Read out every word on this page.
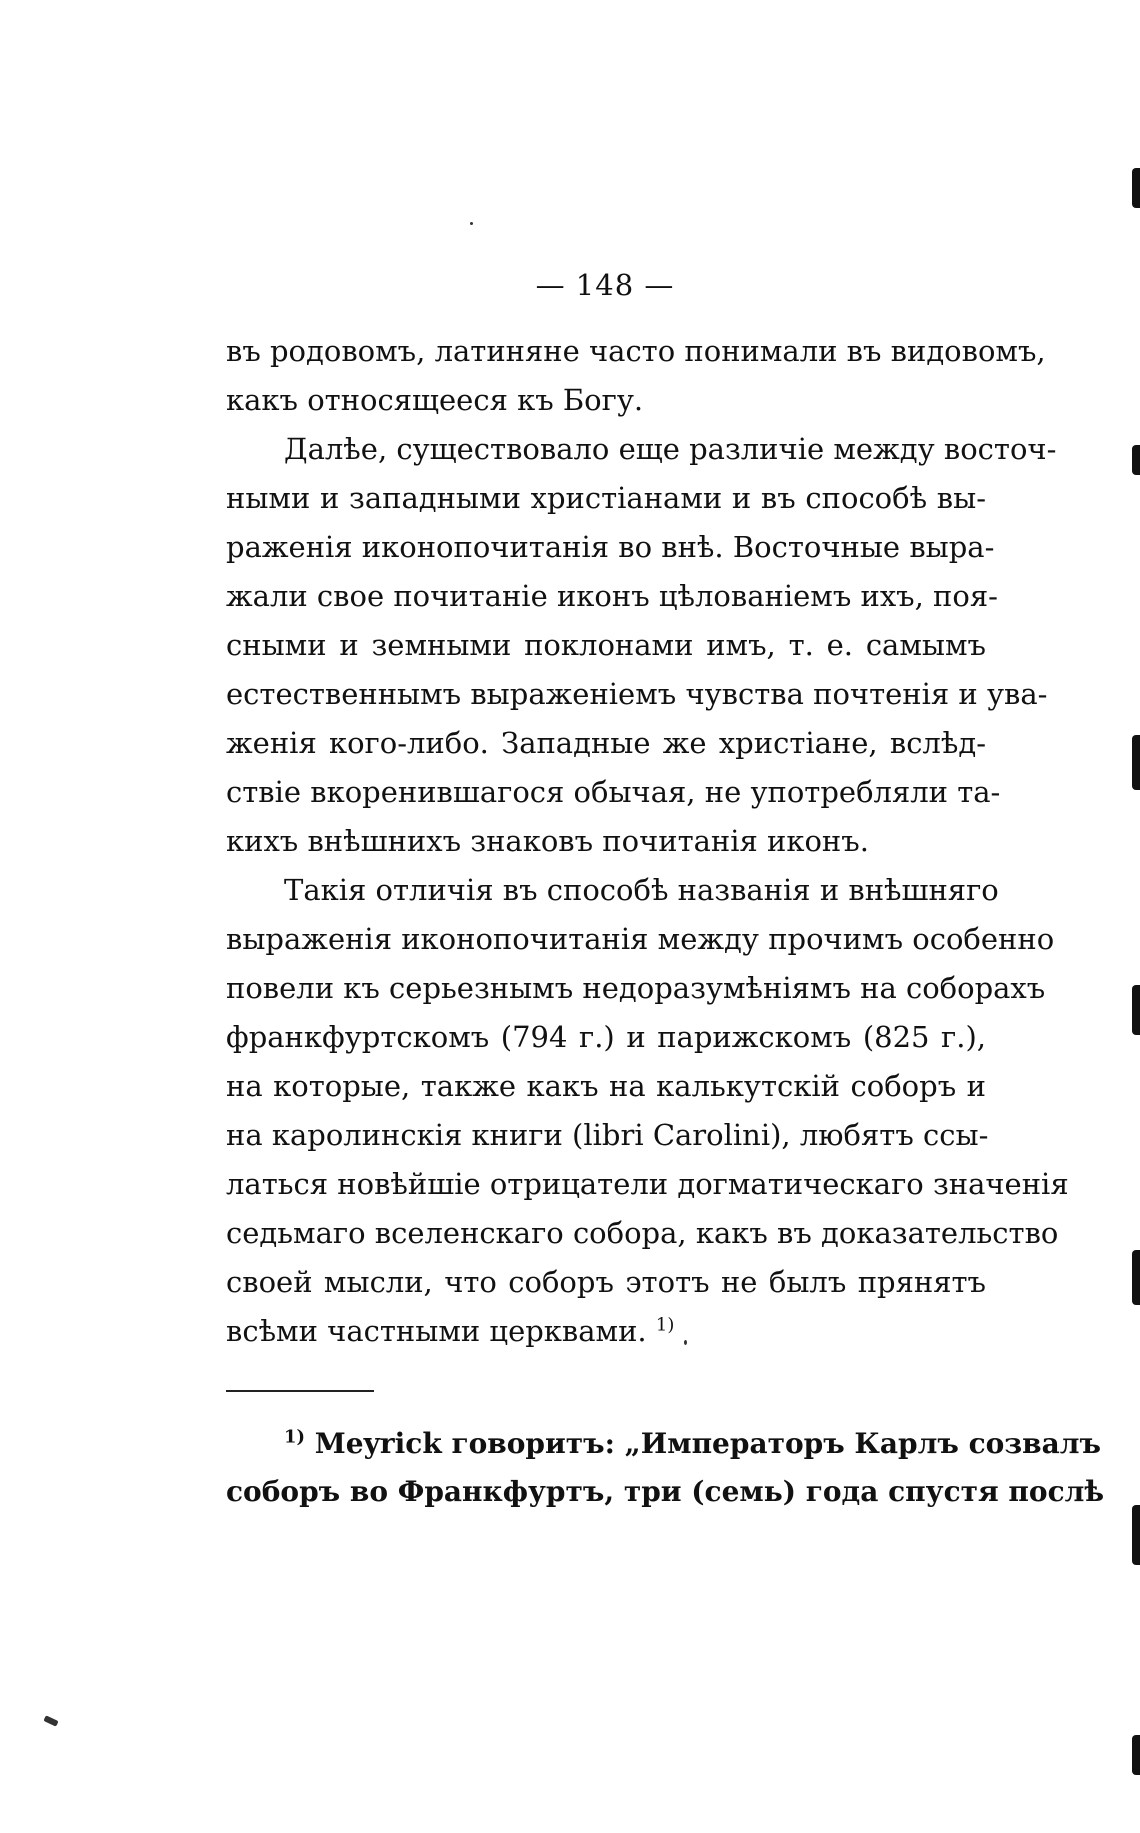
— 148 —
въ родовомъ, латиняне часто понимали въ видовомъ,
какъ относящееся къ Богу.
Далѣе, существовало еще различіе между восточ-
ными и западными христіанами и въ способѣ вы-
раженія иконопочитанія во внѣ. Восточные выра-
жали свое почитаніе иконъ цѣлованіемъ ихъ, поя-
сными и земными поклонами имъ, т. е. самымъ
естественнымъ выраженіемъ чувства почтенія и ува-
женія кого-либо. Западные же христіане, вслѣд-
ствіе вкоренившагося обычая, не употребляли та-
кихъ внѣшнихъ знаковъ почитанія иконъ.
Такія отличія въ способѣ названія и внѣшняго
выраженія иконопочитанія между прочимъ особенно
повели къ серьезнымъ недоразумѣніямъ на соборахъ
франкфуртскомъ (794 г.) и парижскомъ (825 г.),
на которые, также какъ на калькутскій соборъ и
на каролинскія книги (libri Carolini), любятъ ссы-
латься новѣйшіе отрицатели догматическаго значенія
седьмаго вселенскаго собора, какъ въ доказательство
своей мысли, что соборъ этотъ не былъ прянятъ
всѣми частными церквами. $^{1)}$
$^{1)}$ Meyrick говоритъ: „Императоръ Карлъ созвалъ
соборъ во Франкфуртъ, три (семь) года спустя послѣ
